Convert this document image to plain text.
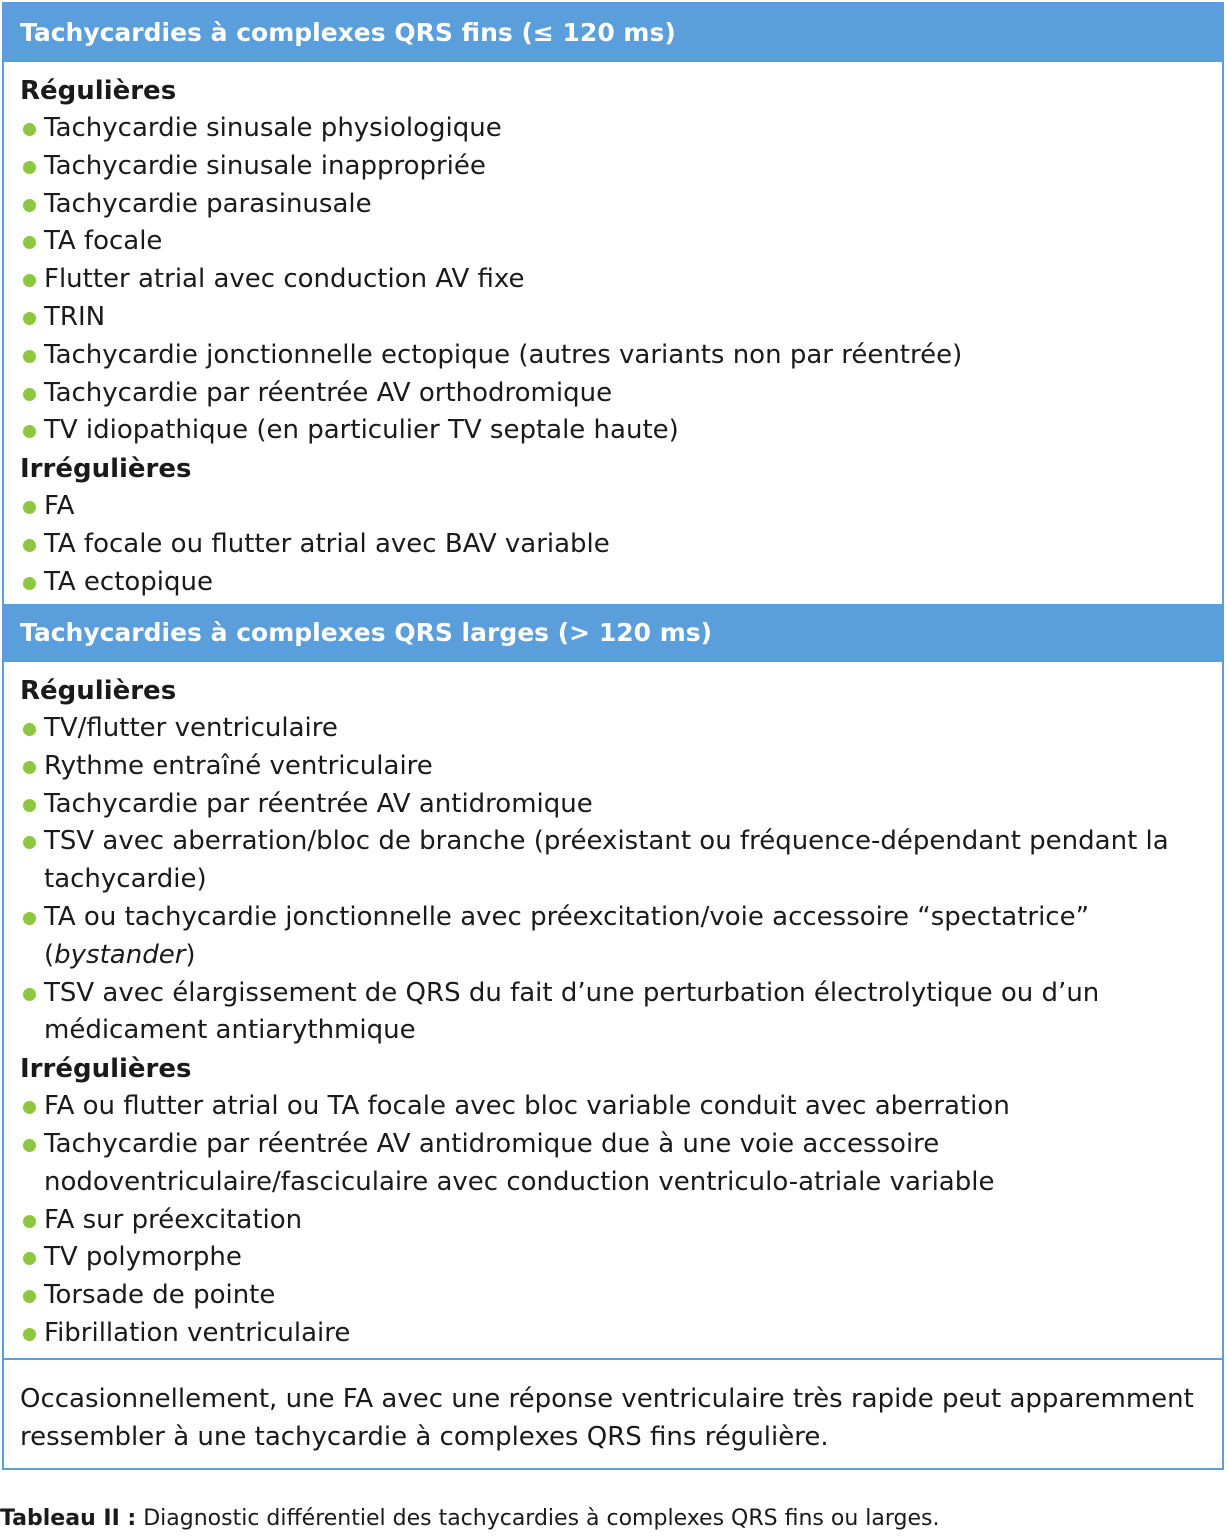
Tachycardies à complexes QRS fins (≤ 120 ms)
Régulières
Tachycardie sinusale physiologique
Tachycardie sinusale inappropriée
Tachycardie parasinusale
TA focale
Flutter atrial avec conduction AV fixe
TRIN
Tachycardie jonctionnelle ectopique (autres variants non par réentrée)
Tachycardie par réentrée AV orthodromique
TV idiopathique (en particulier TV septale haute)
Irrégulières
FA
TA focale ou flutter atrial avec BAV variable
TA ectopique
Tachycardies à complexes QRS larges (> 120 ms)
Régulières
TV/flutter ventriculaire
Rythme entraîné ventriculaire
Tachycardie par réentrée AV antidromique
TSV avec aberration/bloc de branche (préexistant ou fréquence-dépendant pendant la tachycardie)
TA ou tachycardie jonctionnelle avec préexcitation/voie accessoire “spectatrice” (bystander)
TSV avec élargissement de QRS du fait d’une perturbation électrolytique ou d’un médicament antiarythmique
Irrégulières
FA ou flutter atrial ou TA focale avec bloc variable conduit avec aberration
Tachycardie par réentrée AV antidromique due à une voie accessoire nodoventriculaire/fasciculaire avec conduction ventriculo-atriale variable
FA sur préexcitation
TV polymorphe
Torsade de pointe
Fibrillation ventriculaire
Occasionnellement, une FA avec une réponse ventriculaire très rapide peut apparemment ressembler à une tachycardie à complexes QRS fins régulière.
Tableau II : Diagnostic différentiel des tachycardies à complexes QRS fins ou larges.
